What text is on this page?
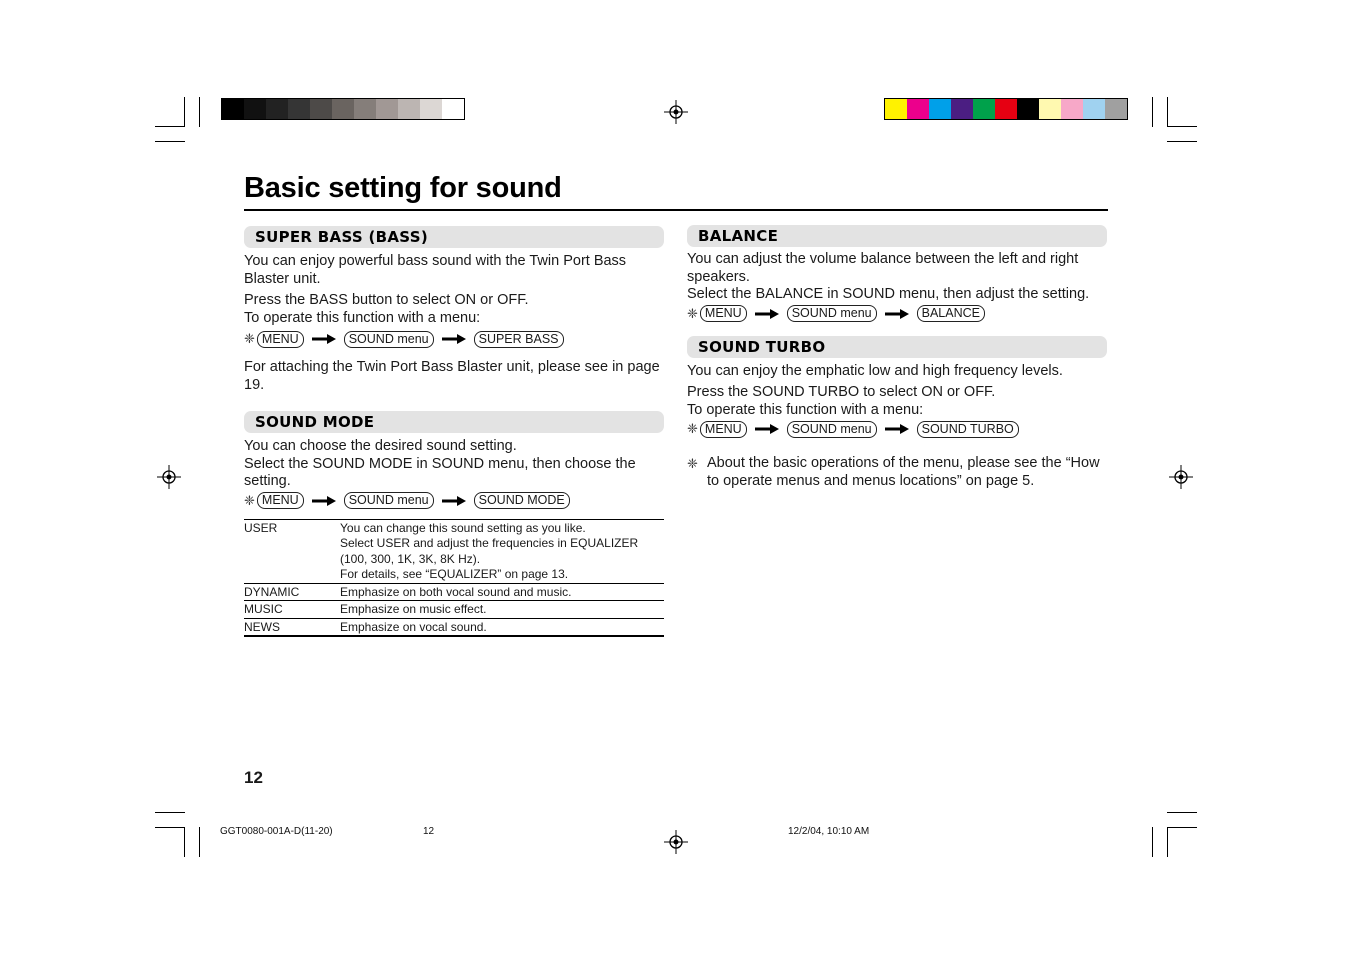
Basic setting for sound
SUPER BASS (BASS)

You can enjoy powerful bass sound with the Twin Port Bass Blaster unit.

Press the BASS button to select ON or OFF.

To operate this function with a menu:

❈ MENU	SOUND menu	SUPER BASS

For attaching the Twin Port Bass Blaster unit, please see in page 19.

SOUND MODE

You can choose the desired sound setting.

Select the SOUND MODE in SOUND menu, then choose the setting.

❈ MENU	SOUND menu	SOUND MODE
USER	You can change this sound setting as you like.
Select USER and adjust the frequencies in EQUALIZER (100, 300, 1K, 3K, 8K Hz).
For details, see “EQUALIZER” on page 13.

DYNAMIC	Emphasize on both vocal sound and music.

MUSIC	Emphasize on music effect.

NEWS	Emphasize on vocal sound.
BALANCE

You can adjust the volume balance between the left and right speakers.

Select the BALANCE in SOUND menu, then adjust the setting.

❈ MENU	SOUND menu	BALANCE
SOUND TURBO

You can enjoy the emphatic low and high frequency levels.

Press the SOUND TURBO to select ON or OFF.

To operate this function with a menu:

❈ MENU	SOUND menu	SOUND TURBO
❈ About the basic operations of the menu, please see the “How to operate menus and menus locations” on page 5.

12
GGT0080-001A-D(11-20)	12	12/2/04, 10:10 AM
